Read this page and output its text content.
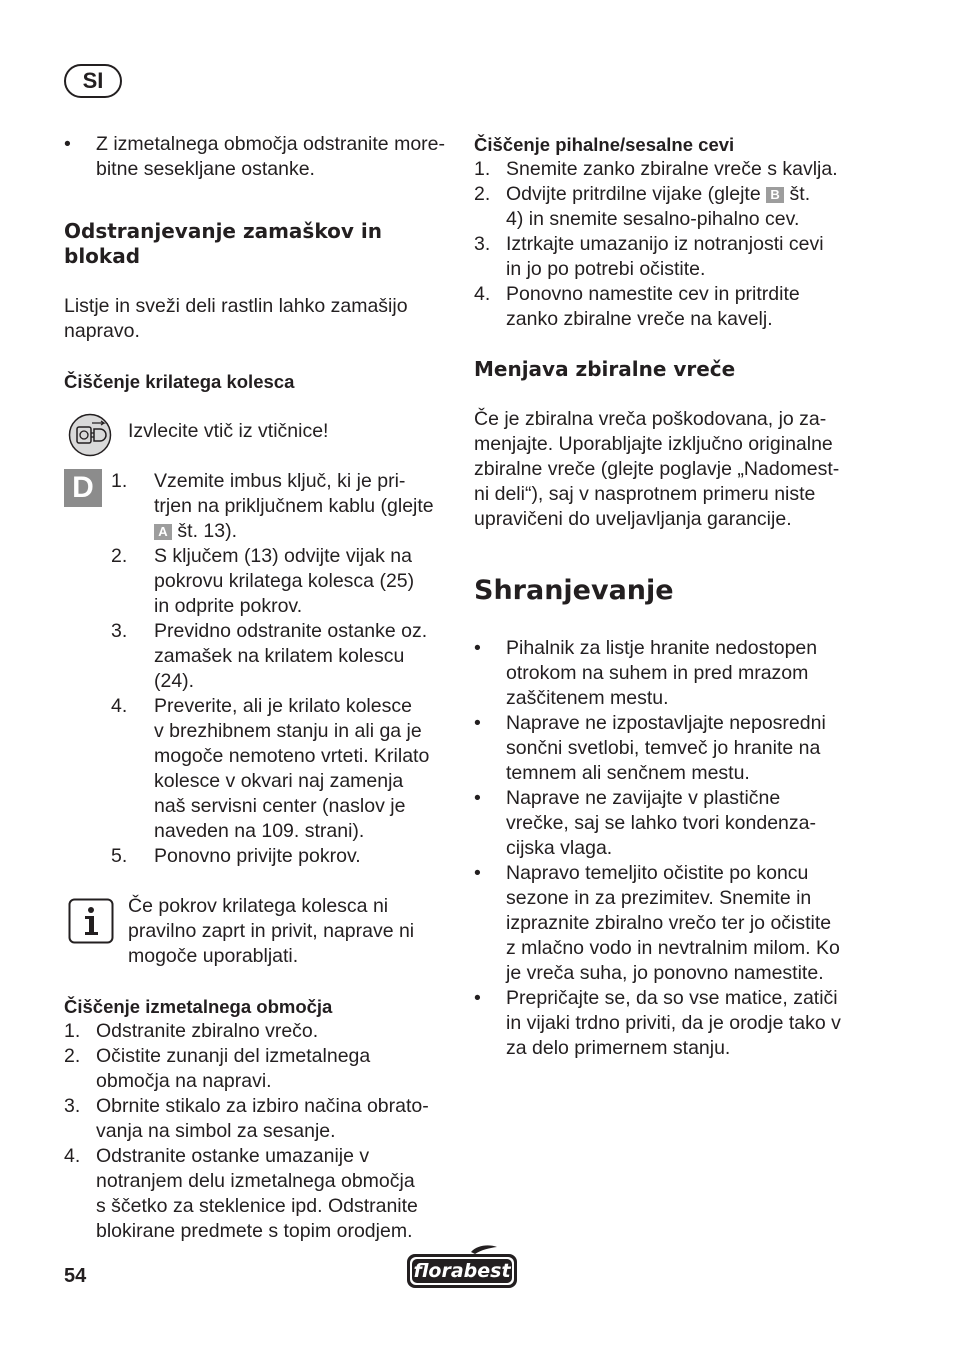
SI
• Z izmetalnega območja odstranite more-
bitne sesekljane ostanke.
Odstranjevanje zamaškov in
blokad

Listje in sveži deli rastlin lahko zamašijo
napravo.

Čiščenje krilatega kolesca
Izvlecite vtič iz vtičnice!
D 1. Vzemite imbus ključ, ki je pri-
trjen na priključnem kablu (glejte
A št. 13).
2. S ključem (13) odvijte vijak na
pokrovu krilatega kolesca (25)
in odprite pokrov.
3. Previdno odstranite ostanke oz.
zamašek na krilatem kolescu
(24).
4. Preverite, ali je krilato kolesce
v brezhibnem stanju in ali ga je
mogoče nemoteno vrteti. Krilato
kolesce v okvari naj zamenja
naš servisni center (naslov je
naveden na 109. strani).
5. Ponovno privijte pokrov.
Če pokrov krilatega kolesca ni
pravilno zaprt in privit, naprave ni
mogoče uporabljati.
Čiščenje izmetalnega območja
1. Odstranite zbiralno vrečo.
2. Očistite zunanji del izmetalnega
območja na napravi.
3. Obrnite stikalo za izbiro načina obrato-
vanja na simbol za sesanje.
4. Odstranite ostanke umazanije v
notranjem delu izmetalnega območja
s ščetko za steklenice ipd. Odstranite
blokirane predmete s topim orodjem.
Čiščenje pihalne/sesalne cevi
1. Snemite zanko zbiralne vreče s kavlja.
2. Odvijte pritrdilne vijake (glejte B št.
4) in snemite sesalno-pihalno cev.
3. Iztrkajte umazanijo iz notranjosti cevi
in jo po potrebi očistite.
4. Ponovno namestite cev in pritrdite
zanko zbiralne vreče na kavelj.
Menjava zbiralne vreče

Če je zbiralna vreča poškodovana, jo za-
menjajte. Uporabljajte izključno originalne
zbiralne vreče (glejte poglavje „Nadomest-
ni deli“), saj v nasprotnem primeru niste
upravičeni do uveljavljanja garancije.

Shranjevanje
• Pihalnik za listje hranite nedostopen
otrokom na suhem in pred mrazom
zaščitenem mestu.
• Naprave ne izpostavljajte neposredni
sončni svetlobi, temveč jo hranite na
temnem ali senčnem mestu.
• Naprave ne zavijajte v plastične
vrečke, saj se lahko tvori kondenza-
cijska vlaga.
• Napravo temeljito očistite po koncu
sezone in za prezimitev. Snemite in
izpraznite zbiralno vrečo ter jo očistite
z mlačno vodo in nevtralnim milom. Ko
je vreča suha, jo ponovno namestite.
• Prepričajte se, da so vse matice, zatiči
in vijaki trdno priviti, da je orodje tako v
za delo primernem stanju.
54	florabest
